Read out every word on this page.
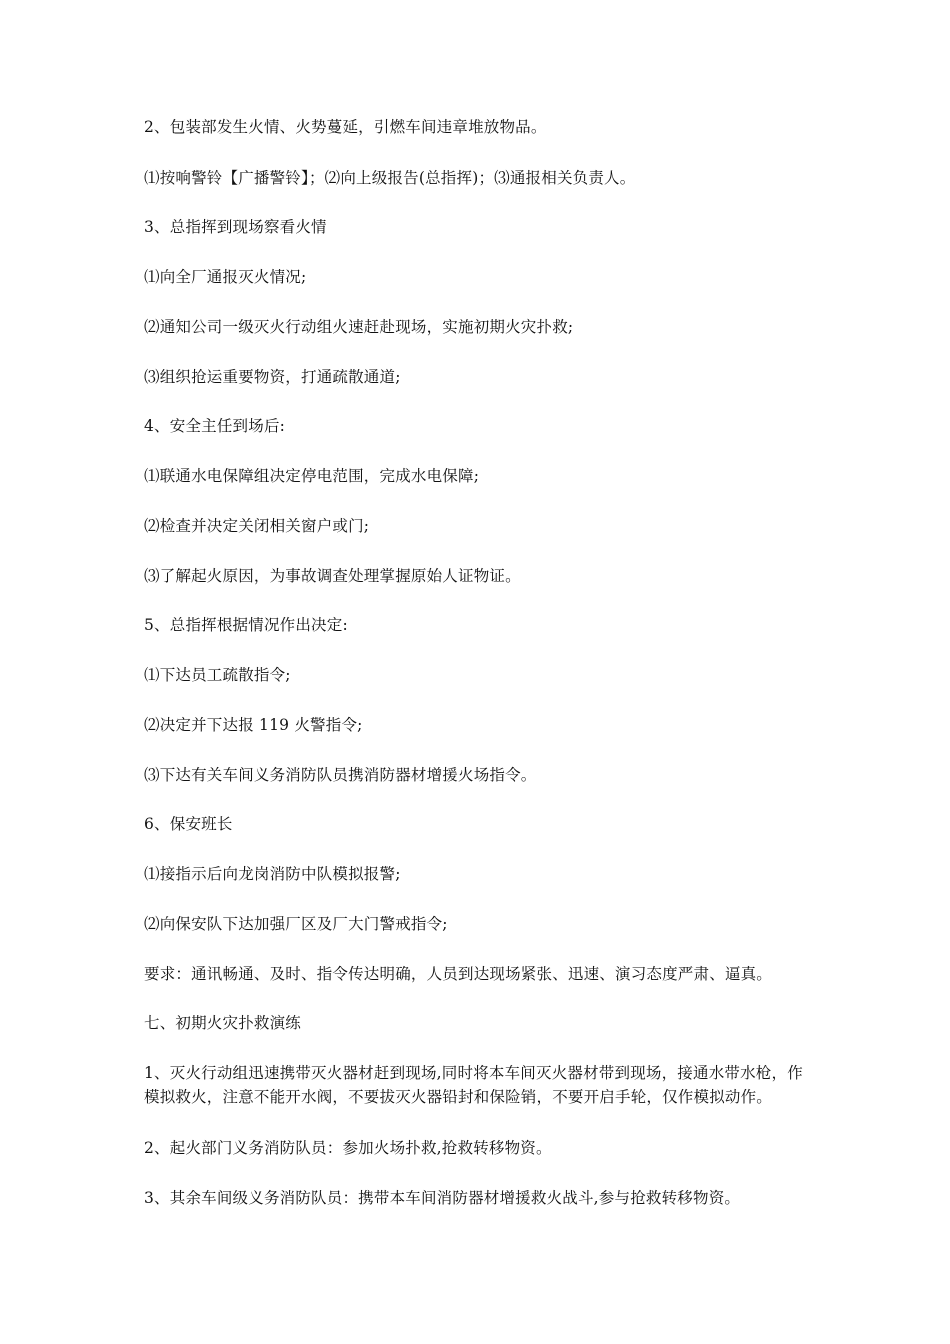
2、包装部发生火情、火势蔓延，引燃车间违章堆放物品。
⑴按响警铃【广播警铃】；⑵向上级报告(总指挥)；⑶通报相关负责人。
3、总指挥到现场察看火情
⑴向全厂通报灭火情况;
⑵通知公司一级灭火行动组火速赶赴现场，实施初期火灾扑救;
⑶组织抢运重要物资，打通疏散通道;
4、安全主任到场后:
⑴联通水电保障组决定停电范围，完成水电保障;
⑵检查并决定关闭相关窗户或门;
⑶了解起火原因，为事故调查处理掌握原始人证物证。
5、总指挥根据情况作出决定:
⑴下达员工疏散指令;
⑵决定并下达报 119 火警指令;
⑶下达有关车间义务消防队员携消防器材增援火场指令。
6、保安班长
⑴接指示后向龙岗消防中队模拟报警;
⑵向保安队下达加强厂区及厂大门警戒指令;
要求：通讯畅通、及时、指令传达明确，人员到达现场紧张、迅速、演习态度严肃、逼真。
七、初期火灾扑救演练
1、灭火行动组迅速携带灭火器材赶到现场,同时将本车间灭火器材带到现场，接通水带水枪，作模拟救火，注意不能开水阀，不要拔灭火器铅封和保险销，不要开启手轮，仅作模拟动作。
2、起火部门义务消防队员：参加火场扑救,抢救转移物资。
3、其余车间级义务消防队员：携带本车间消防器材增援救火战斗,参与抢救转移物资。
